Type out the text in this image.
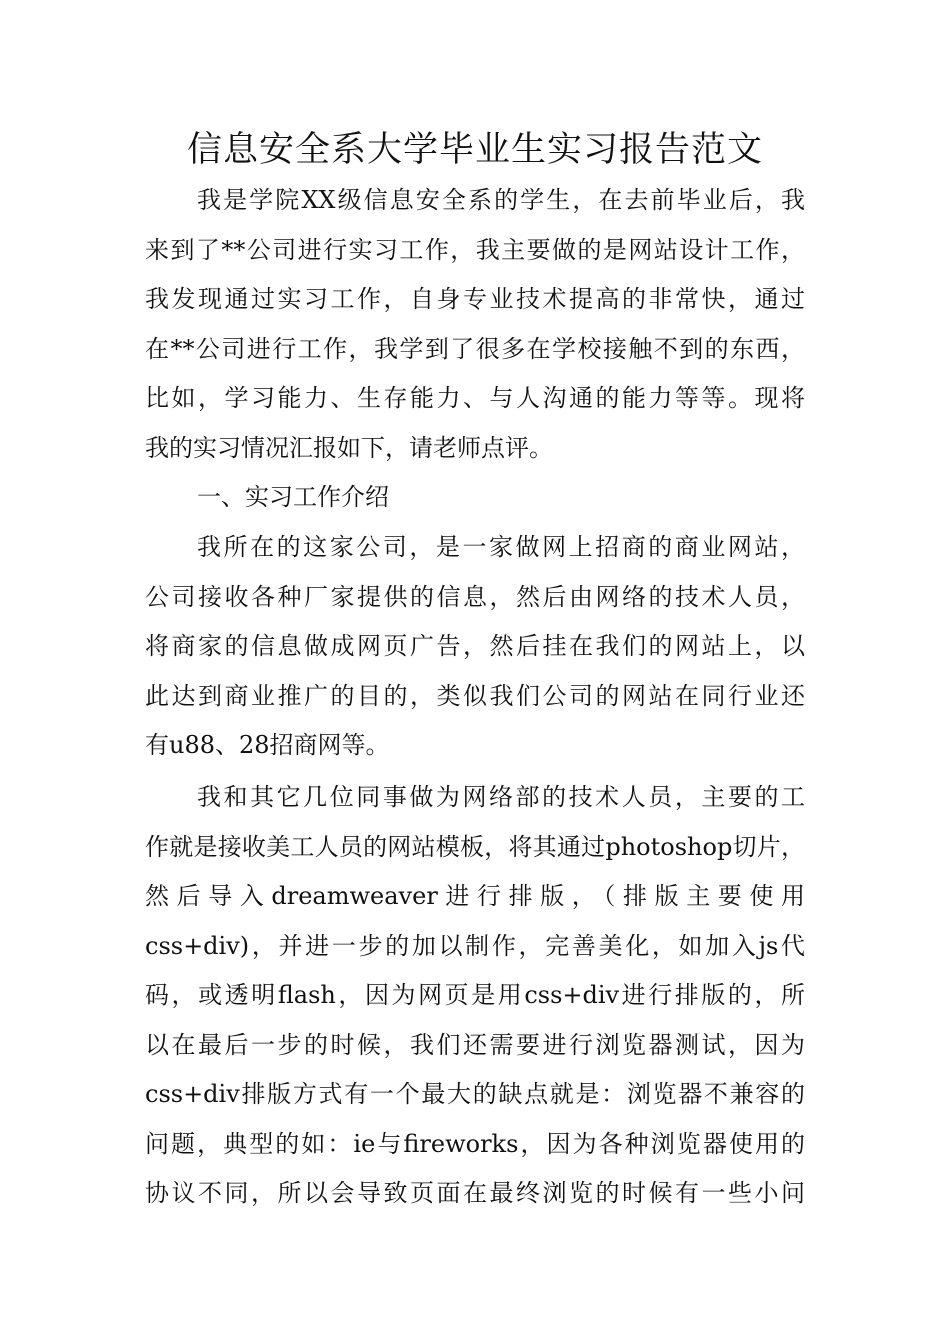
信息安全系大学毕业生实习报告范文
我是学院XX级信息安全系的学生，在去前毕业后，我
来到了**公司进行实习工作，我主要做的是网站设计工作，
我发现通过实习工作，自身专业技术提高的非常快，通过
在**公司进行工作，我学到了很多在学校接触不到的东西，
比如，学习能力、生存能力、与人沟通的能力等等。现将
我的实习情况汇报如下，请老师点评。
一、实习工作介绍
我所在的这家公司，是一家做网上招商的商业网站，
公司接收各种厂家提供的信息，然后由网络的技术人员，
将商家的信息做成网页广告，然后挂在我们的网站上，以
此达到商业推广的目的，类似我们公司的网站在同行业还
有u88、28招商网等。
我和其它几位同事做为网络部的技术人员，主要的工
作就是接收美工人员的网站模板，将其通过photoshop切片，
然后导入dreamweaver进行排版，（排版主要使用
css+div)，并进一步的加以制作，完善美化，如加入js代
码，或透明flash，因为网页是用css+div进行排版的，所
以在最后一步的时候，我们还需要进行浏览器测试，因为
css+div排版方式有一个最大的缺点就是：浏览器不兼容的
问题，典型的如：ie与fireworks，因为各种浏览器使用的
协议不同，所以会导致页面在最终浏览的时候有一些小问
